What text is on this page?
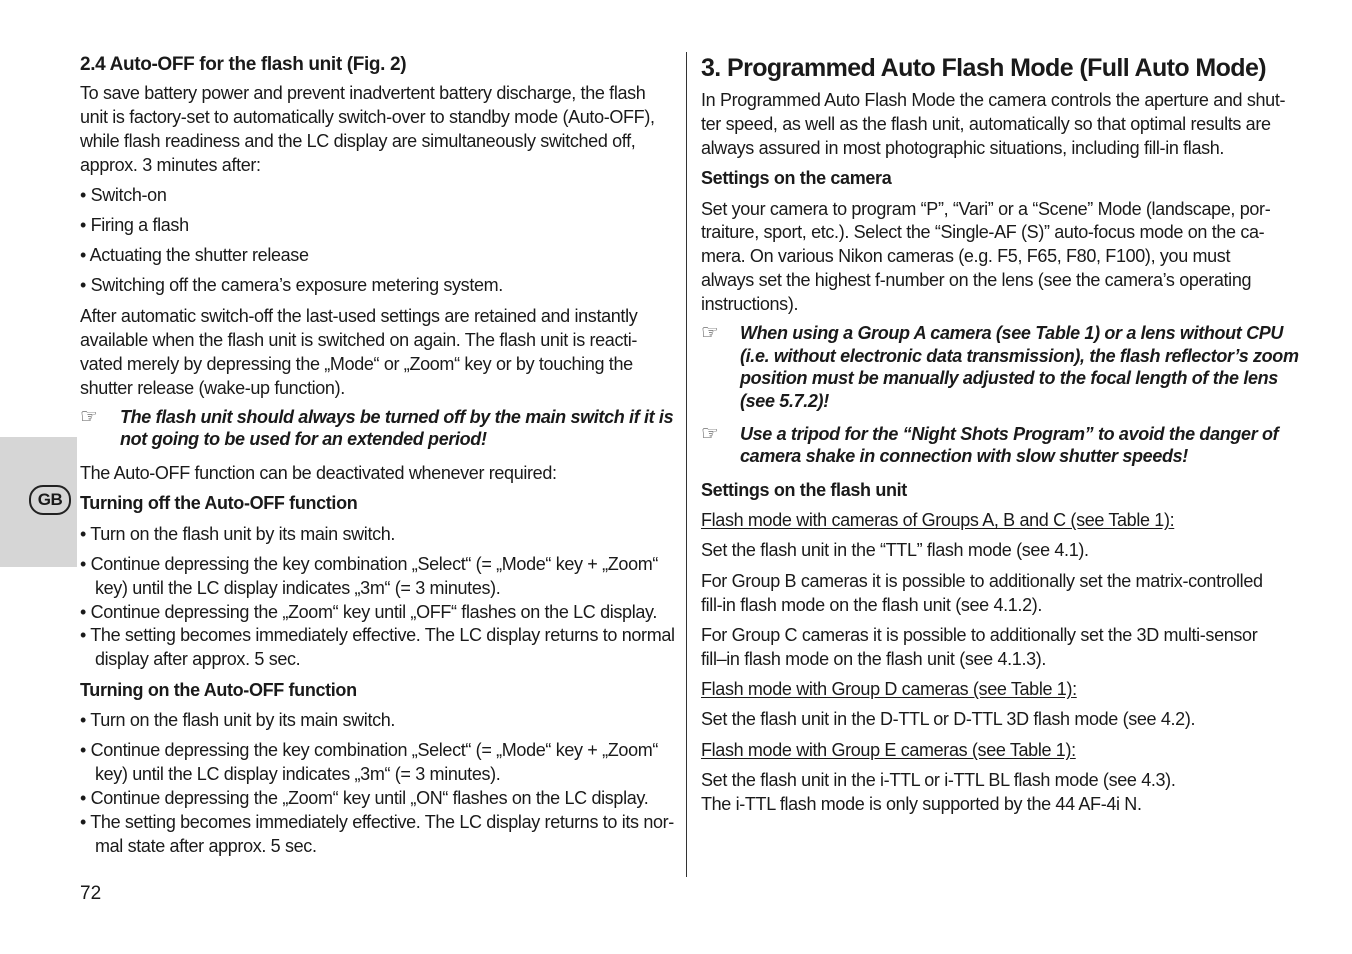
GB
2.4 Auto-OFF for the flash unit (Fig. 2)
To save battery power and prevent inadvertent battery discharge, the flash
unit is factory-set to automatically switch-over to standby mode (Auto-OFF),
while flash readiness and the LC display are simultaneously switched off,
approx. 3 minutes after:
• Switch-on
• Firing a flash
• Actuating the shutter release
• Switching off the camera’s exposure metering system.
After automatic switch-off the last-used settings are retained and instantly
available when the flash unit is switched on again. The flash unit is reacti-
vated merely by depressing the „Mode“ or „Zoom“ key or by touching the
shutter release (wake-up function).
☞ The flash unit should always be turned off by the main switch if it is
not going to be used for an extended period!
The Auto-OFF function can be deactivated whenever required:
Turning off the Auto-OFF function
• Turn on the flash unit by its main switch.
• Continue depressing the key combination „Select“ (= „Mode“ key + „Zoom“
key) until the LC display indicates „3m“ (= 3 minutes).
• Continue depressing the „Zoom“ key until „OFF“ flashes on the LC display.
• The setting becomes immediately effective. The LC display returns to normal
display after approx. 5 sec.
Turning on the Auto-OFF function
• Turn on the flash unit by its main switch.
• Continue depressing the key combination „Select“ (= „Mode“ key + „Zoom“
key) until the LC display indicates „3m“ (= 3 minutes).
• Continue depressing the „Zoom“ key until „ON“ flashes on the LC display.
• The setting becomes immediately effective. The LC display returns to its nor-
mal state after approx. 5 sec.
3. Programmed Auto Flash Mode (Full Auto Mode)
In Programmed Auto Flash Mode the camera controls the aperture and shut-
ter speed, as well as the flash unit, automatically so that optimal results are
always assured in most photographic situations, including fill-in flash.
Settings on the camera
Set your camera to program “P”, “Vari” or a “Scene” Mode (landscape, por-
traiture, sport, etc.). Select the “Single-AF (S)” auto-focus mode on the ca-
mera. On various Nikon cameras (e.g. F5, F65, F80, F100), you must
always set the highest f-number on the lens (see the camera’s operating
instructions).
☞ When using a Group A camera (see Table 1) or a lens without CPU
(i.e. without electronic data transmission), the flash reflector’s zoom
position must be manually adjusted to the focal length of the lens
(see 5.7.2)!
☞ Use a tripod for the “Night Shots Program” to avoid the danger of
camera shake in connection with slow shutter speeds!
Settings on the flash unit
Flash mode with cameras of Groups A, B and C (see Table 1):
Set the flash unit in the “TTL” flash mode (see 4.1).
For Group B cameras it is possible to additionally set the matrix-controlled
fill-in flash mode on the flash unit (see 4.1.2).
For Group C cameras it is possible to additionally set the 3D multi-sensor
fill–in flash mode on the flash unit (see 4.1.3).
Flash mode with Group D cameras (see Table 1):
Set the flash unit in the D-TTL or D-TTL 3D flash mode (see 4.2).
Flash mode with Group E cameras (see Table 1):
Set the flash unit in the i-TTL or i-TTL BL flash mode (see 4.3).
The i-TTL flash mode is only supported by the 44 AF-4i N.
72
